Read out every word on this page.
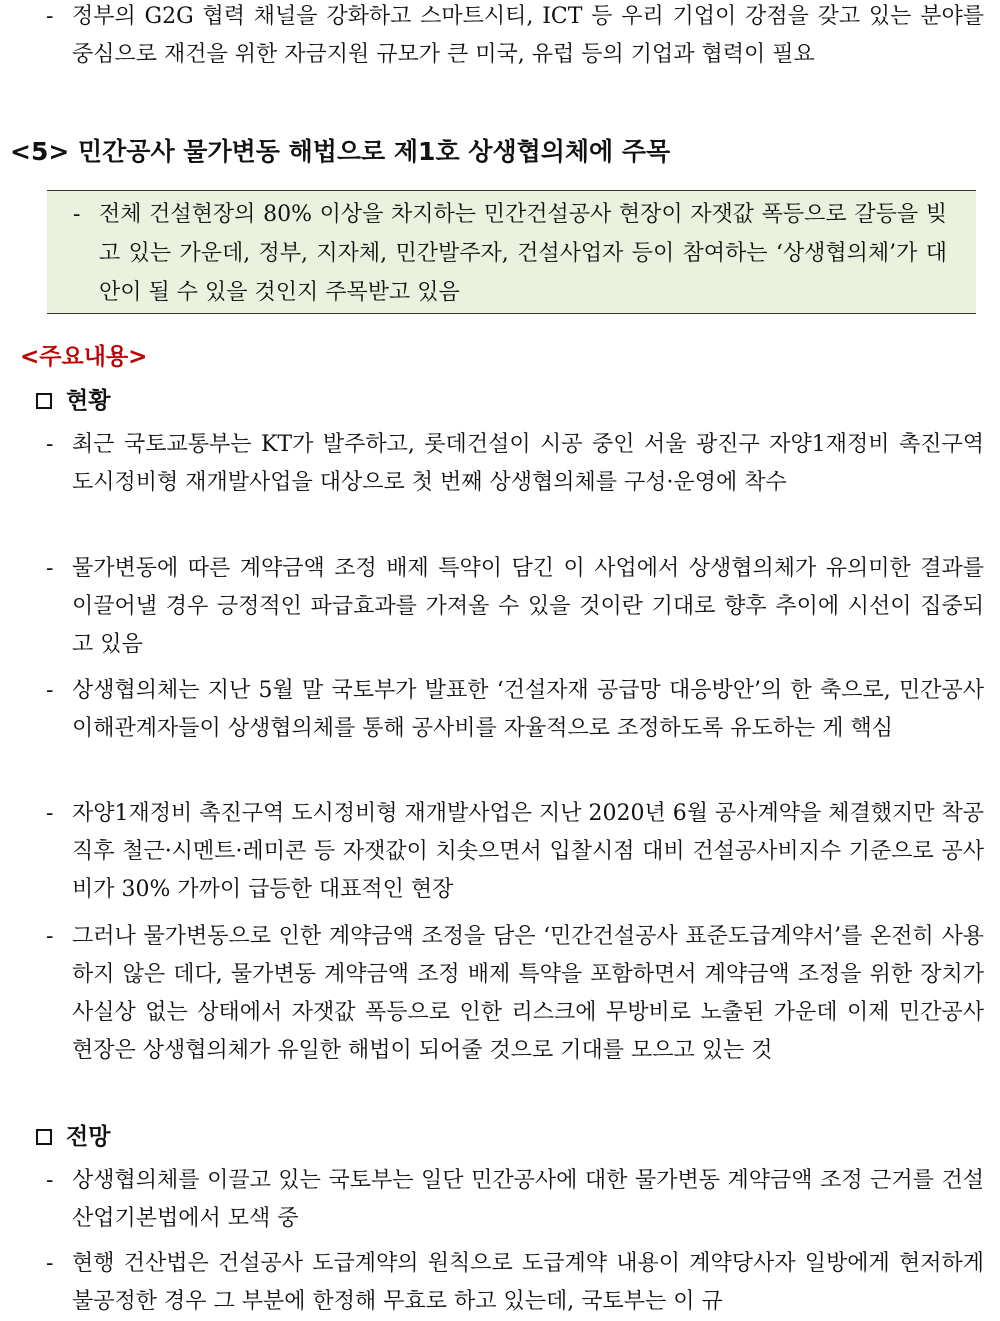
- 정부의 G2G 협력 채널을 강화하고 스마트시티, ICT 등 우리 기업이 강점을 갖고 있는 분야를 중심으로 재건을 위한 자금지원 규모가 큰 미국, 유럽 등의 기업과 협력이 필요
<5> 민간공사 물가변동 해법으로 제1호 상생협의체에 주목
- 전체 건설현장의 80% 이상을 차지하는 민간건설공사 현장이 자잿값 폭등으로 갈등을 빚고 있는 가운데, 정부, 지자체, 민간발주자, 건설사업자 등이 참여하는 ‘상생협의체’가 대안이 될 수 있을 것인지 주목받고 있음
<주요내용>
현황
- 최근 국토교통부는 KT가 발주하고, 롯데건설이 시공 중인 서울 광진구 자양1재정비 촉진구역 도시정비형 재개발사업을 대상으로 첫 번째 상생협의체를 구성·운영에 착수
- 물가변동에 따른 계약금액 조정 배제 특약이 담긴 이 사업에서 상생협의체가 유의미한 결과를 이끌어낼 경우 긍정적인 파급효과를 가져올 수 있을 것이란 기대로 향후 추이에 시선이 집중되고 있음
- 상생협의체는 지난 5월 말 국토부가 발표한 ‘건설자재 공급망 대응방안’의 한 축으로, 민간공사 이해관계자들이 상생협의체를 통해 공사비를 자율적으로 조정하도록 유도하는 게 핵심
- 자양1재정비 촉진구역 도시정비형 재개발사업은 지난 2020년 6월 공사계약을 체결했지만 착공 직후 철근·시멘트·레미콘 등 자잿값이 치솟으면서 입찰시점 대비 건설공사비지수 기준으로 공사비가 30% 가까이 급등한 대표적인 현장
- 그러나 물가변동으로 인한 계약금액 조정을 담은 ‘민간건설공사 표준도급계약서’를 온전히 사용하지 않은 데다, 물가변동 계약금액 조정 배제 특약을 포함하면서 계약금액 조정을 위한 장치가 사실상 없는 상태에서 자잿값 폭등으로 인한 리스크에 무방비로 노출된 가운데 이제 민간공사 현장은 상생협의체가 유일한 해법이 되어줄 것으로 기대를 모으고 있는 것
전망
- 상생협의체를 이끌고 있는 국토부는 일단 민간공사에 대한 물가변동 계약금액 조정 근거를 건설산업기본법에서 모색 중
- 현행 건산법은 건설공사 도급계약의 원칙으로 도급계약 내용이 계약당사자 일방에게 현저하게 불공정한 경우 그 부분에 한정해 무효로 하고 있는데, 국토부는 이 규
